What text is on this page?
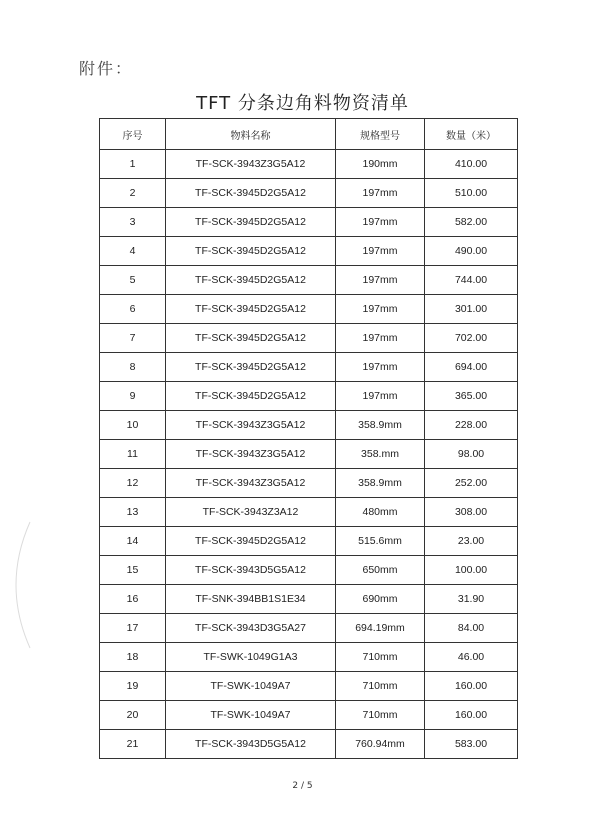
附件：
TFT 分条边角料物资清单
序号	物料名称	规格型号	数量（米）
1	TF-SCK-3943Z3G5A12	190mm	410.00
2	TF-SCK-3945D2G5A12	197mm	510.00
3	TF-SCK-3945D2G5A12	197mm	582.00
4	TF-SCK-3945D2G5A12	197mm	490.00
5	TF-SCK-3945D2G5A12	197mm	744.00
6	TF-SCK-3945D2G5A12	197mm	301.00
7	TF-SCK-3945D2G5A12	197mm	702.00
8	TF-SCK-3945D2G5A12	197mm	694.00
9	TF-SCK-3945D2G5A12	197mm	365.00
10	TF-SCK-3943Z3G5A12	358.9mm	228.00
11	TF-SCK-3943Z3G5A12	358.mm	98.00
12	TF-SCK-3943Z3G5A12	358.9mm	252.00
13	TF-SCK-3943Z3A12	480mm	308.00
14	TF-SCK-3945D2G5A12	515.6mm	23.00
15	TF-SCK-3943D5G5A12	650mm	100.00
16	TF-SNK-394BB1S1E34	690mm	31.90
17	TF-SCK-3943D3G5A27	694.19mm	84.00
18	TF-SWK-1049G1A3	710mm	46.00
19	TF-SWK-1049A7	710mm	160.00
20	TF-SWK-1049A7	710mm	160.00
21	TF-SCK-3943D5G5A12	760.94mm	583.00
2 / 5
